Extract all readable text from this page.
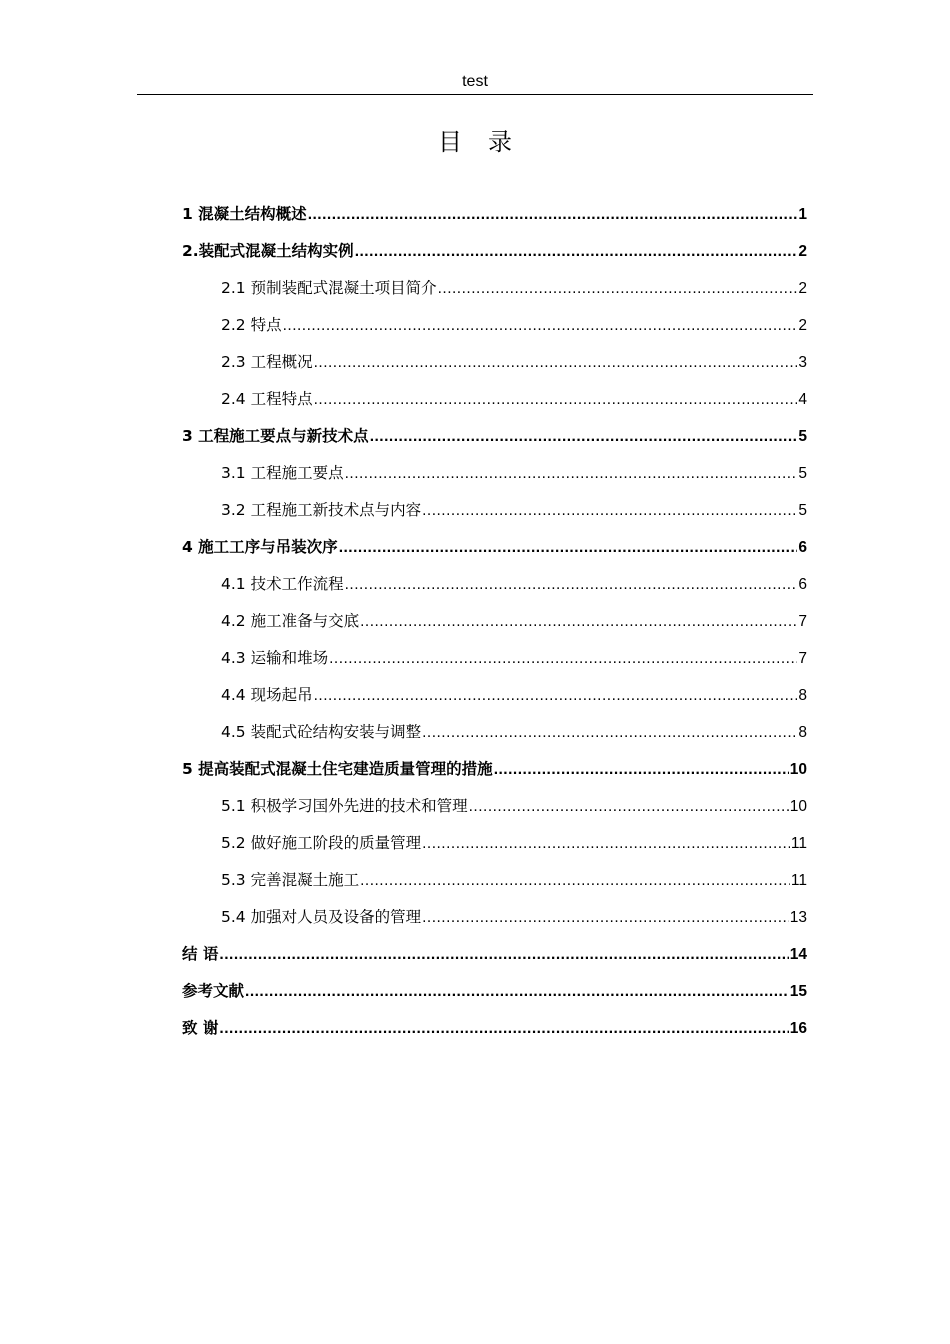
test
目 录
1 混凝土结构概述 .....	1
2.装配式混凝土结构实例 .....	2
2.1 预制装配式混凝土项目简介 .....	2
2.2 特点 .....	2
2.3 工程概况 .....	3
2.4 工程特点 .....	4
3 工程施工要点与新技术点 .....	5
3.1 工程施工要点 .....	5
3.2 工程施工新技术点与内容 .....	5
4 施工工序与吊装次序 .....	6
4.1 技术工作流程 .....	6
4.2 施工准备与交底 .....	7
4.3 运输和堆场 .....	7
4.4 现场起吊 .....	8
4.5 装配式砼结构安装与调整 .....	8
5 提高装配式混凝土住宅建造质量管理的措施 .....	10
5.1 积极学习国外先进的技术和管理 .....	10
5.2 做好施工阶段的质量管理 .....	11
5.3 完善混凝土施工 .....	11
5.4 加强对人员及设备的管理 .....	13
结 语 .....	14
参考文献 .....	15
致 谢 .....	16
